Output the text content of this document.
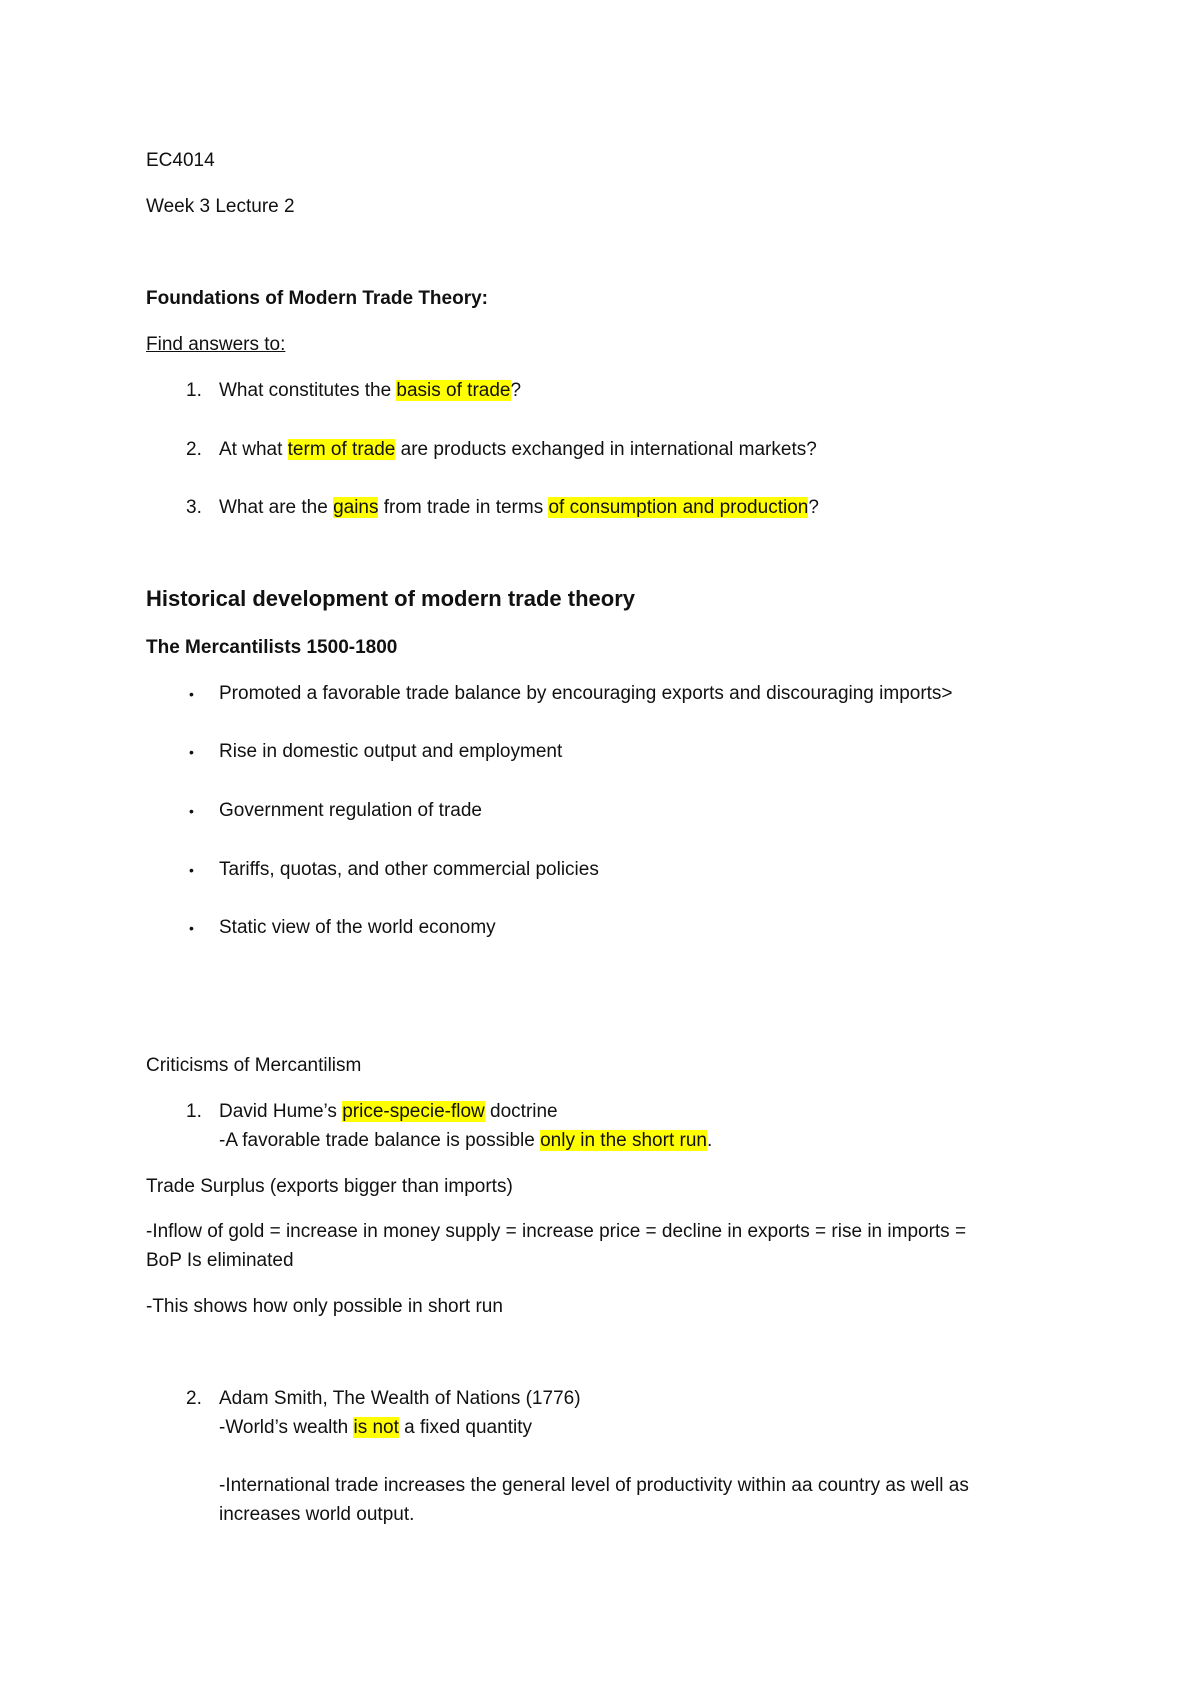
EC4014
Week 3 Lecture 2
Foundations of Modern Trade Theory:
Find answers to:
1. What constitutes the basis of trade?
2. At what term of trade are products exchanged in international markets?
3. What are the gains from trade in terms of consumption and production?
Historical development of modern trade theory
The Mercantilists 1500-1800
• Promoted a favorable trade balance by encouraging exports and discouraging imports>
• Rise in domestic output and employment
• Government regulation of trade
• Tariffs, quotas, and other commercial policies
• Static view of the world economy
Criticisms of Mercantilism
1. David Hume’s price-specie-flow doctrine
-A favorable trade balance is possible only in the short run.
Trade Surplus (exports bigger than imports)
-Inflow of gold = increase in money supply = increase price = decline in exports = rise in imports =
BoP Is eliminated
-This shows how only possible in short run
2. Adam Smith, The Wealth of Nations (1776)
-World’s wealth is not a fixed quantity
-International trade increases the general level of productivity within aa country as well as
increases world output.
